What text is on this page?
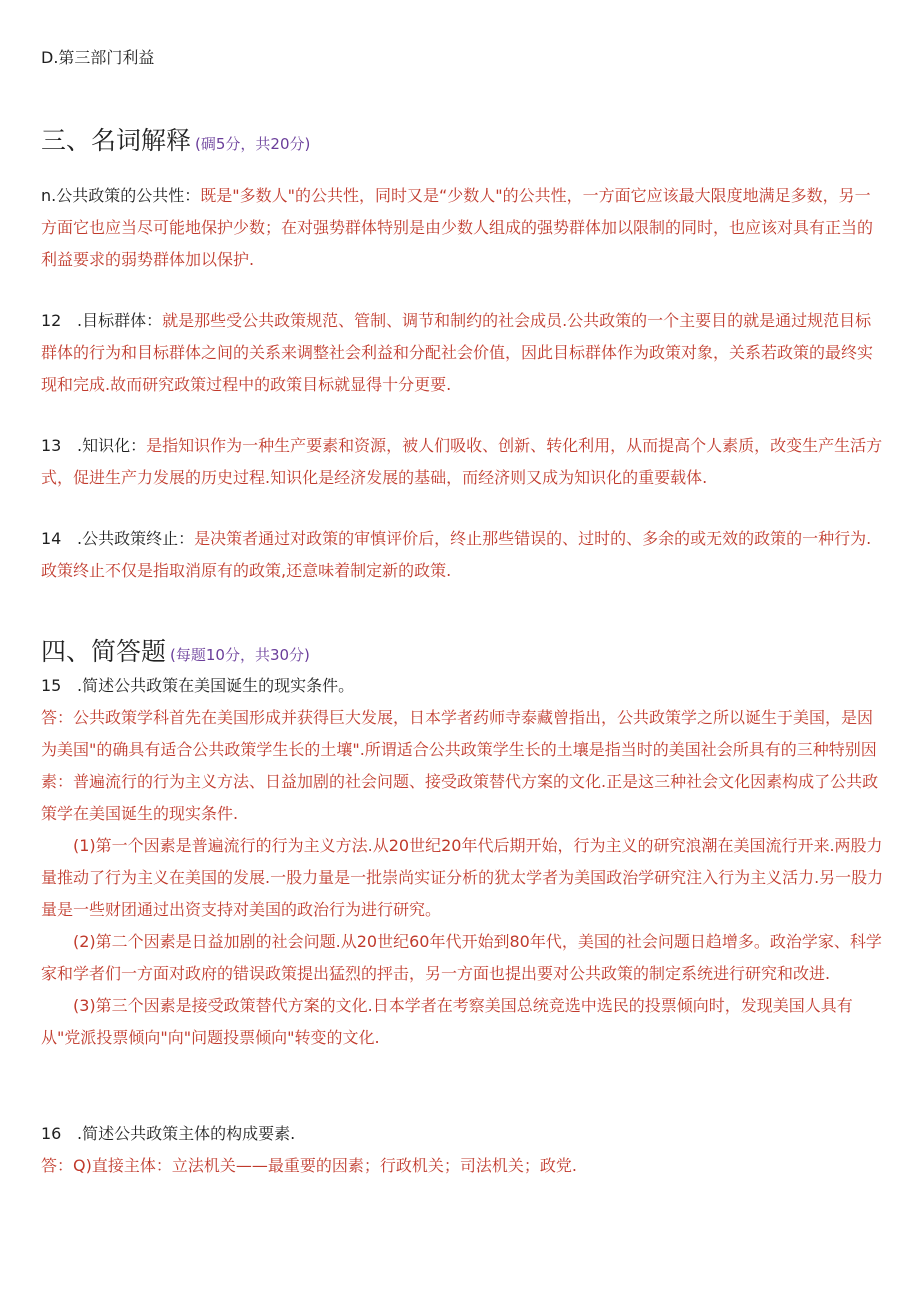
D.第三部门利益
三、名词解释 (碉5分，共20分)

n.公共政策的公共性：既是"多数人"的公共性，同时又是“少数人"的公共性，一方面它应该最大限度地满足多数，另一方面它也应当尽可能地保护少数；在对强势群体特别是由少数人组成的强势群体加以限制的同时，也应该对具有正当的利益要求的弱势群体加以保护.

12 .目标群体：就是那些受公共政策规范、管制、调节和制约的社会成员.公共政策的一个主要目的就是通过规范目标群体的行为和目标群体之间的关系来调整社会利益和分配社会价值，因此目标群体作为政策对象，关系若政策的最终实现和完成.故而研究政策过程中的政策目标就显得十分更要.

13 .知识化：是指知识作为一种生产要素和资源，被人们吸收、创新、转化利用，从而提高个人素质，改变生产生活方式，促进生产力发展的历史过程.知识化是经济发展的基础，而经济则又成为知识化的重要载体.

14 .公共政策终止：是决策者通过对政策的审慎评价后，终止那些错误的、过时的、多余的或无效的政策的一种行为.政策终止不仅是指取消原有的政策,还意味着制定新的政策.

四、简答题 (每题10分，共30分)

15 .简述公共政策在美国诞生的现实条件。

答：公共政策学科首先在美国形成并获得巨大发展，日本学者药师寺泰藏曾指出，公共政策学之所以诞生于美国，是因为美国"的确具有适合公共政策学生长的土壤".所谓适合公共政策学生长的土壤是指当时的美国社会所具有的三种特别因素：普遍流行的行为主义方法、日益加剧的社会问题、接受政策替代方案的文化.正是这三种社会文化因素构成了公共政策学在美国诞生的现实条件.

(1)第一个因素是普遍流行的行为主义方法.从20世纪20年代后期开始，行为主义的研究浪潮在美国流行开来.两股力量推动了行为主义在美国的发展.一股力量是一批崇尚实证分析的犹太学者为美国政治学研究注入行为主义活力.另一股力量是一些财团通过出资支持对美国的政治行为进行研究。

(2)第二个因素是日益加剧的社会问题.从20世纪60年代开始到80年代，美国的社会问题日趋增多。政治学家、科学家和学者们一方面对政府的错误政策提出猛烈的抨击，另一方面也提出要对公共政策的制定系统进行研究和改进.

(3)第三个因素是接受政策替代方案的文化.日本学者在考察美国总统竞选中选民的投票倾向时，发现美国人具有从"党派投票倾向"向"问题投票倾向"转变的文化.

16 .简述公共政策主体的构成要素.

答：Q)直接主体：立法机关——最重要的因素；行政机关；司法机关；政党.
